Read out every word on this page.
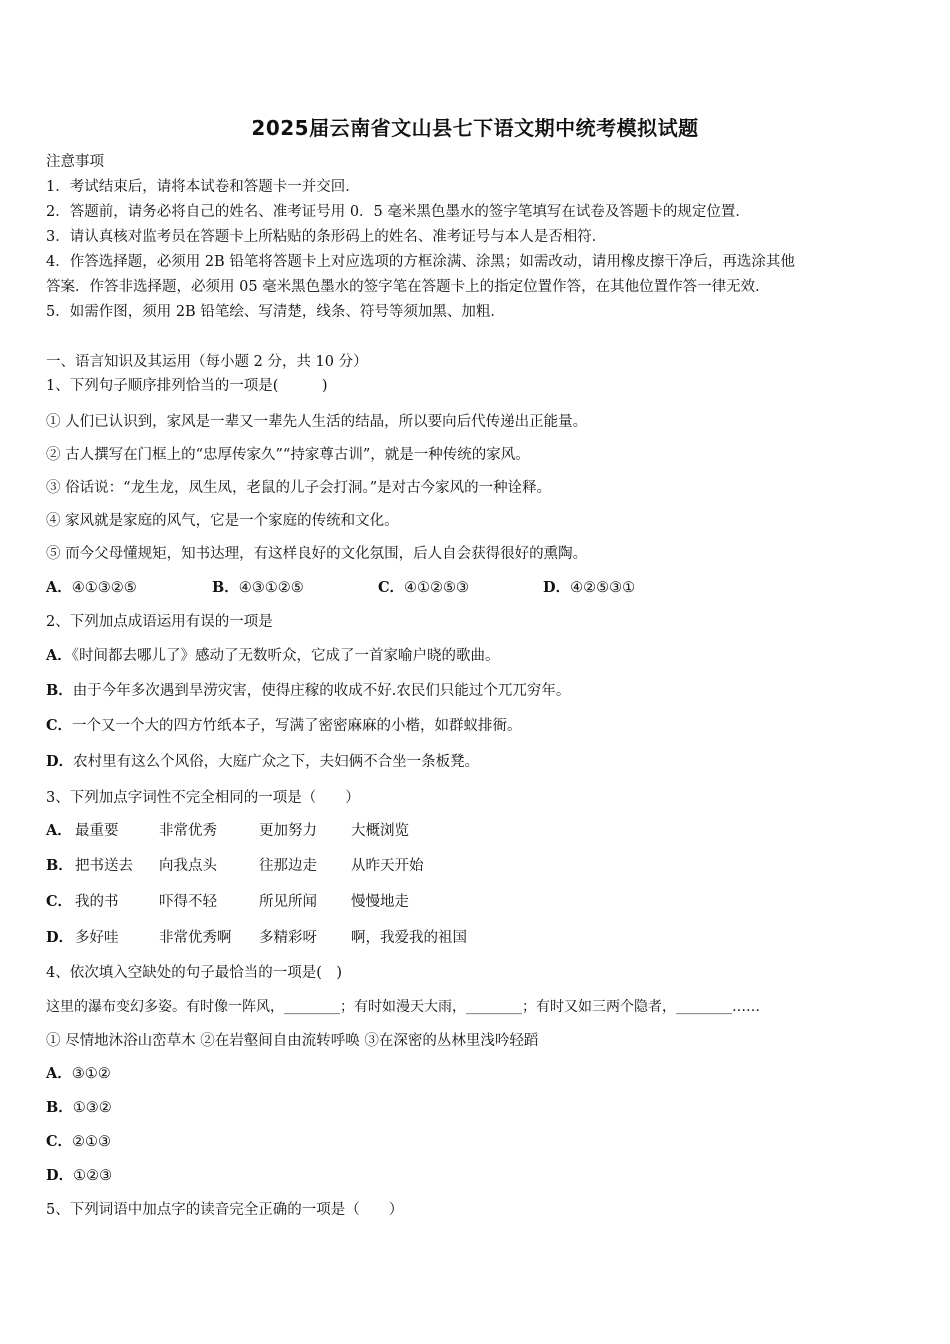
2025届云南省文山县七下语文期中统考模拟试题
注意事项
1．考试结束后，请将本试卷和答题卡一并交回．
2．答题前，请务必将自己的姓名、准考证号用 0．5 毫米黑色墨水的签字笔填写在试卷及答题卡的规定位置．
3．请认真核对监考员在答题卡上所粘贴的条形码上的姓名、准考证号与本人是否相符．
4．作答选择题，必须用 2B 铅笔将答题卡上对应选项的方框涂满、涂黑；如需改动，请用橡皮擦干净后，再选涂其他
答案．作答非选择题，必须用 05 毫米黑色墨水的签字笔在答题卡上的指定位置作答，在其他位置作答一律无效．
5．如需作图，须用 2B 铅笔绘、写清楚，线条、符号等须加黑、加粗．
一、语言知识及其运用（每小题 2 分，共 10 分）
1、下列句子顺序排列恰当的一项是(　　　)
① 人们已认识到，家风是一辈又一辈先人生活的结晶，所以要向后代传递出正能量。
② 古人撰写在门框上的“忠厚传家久”“持家尊古训”，就是一种传统的家风。
③ 俗话说：“龙生龙，凤生凤，老鼠的儿子会打洞。”是对古今家风的一种诠释。
④ 家风就是家庭的风气，它是一个家庭的传统和文化。
⑤ 而今父母懂规矩，知书达理，有这样良好的文化氛围，后人自会获得很好的熏陶。
A．④①③②⑤	B．④③①②⑤	C．④①②⑤③	D．④②⑤③①
2、下列加点成语运用有误的一项是
A．《时间都去哪儿了》感动了无数听众，它成了一首家喻户晓的歌曲。
B．由于今年多次遇到旱涝灾害，使得庄稼的收成不好.农民们只能过个兀兀穷年。
C．一个又一个大的四方竹纸本子，写满了密密麻麻的小楷，如群蚁排衙。
D．农村里有这么个风俗，大庭广众之下，夫妇俩不合坐一条板凳。
3、下列加点字词性不完全相同的一项是（　　）
A． 最重要	非常优秀	更加努力 大概浏览
B． 把书送去 向我点头	往那边走 从昨天开始
C． 我的书	吓得不轻	所见所闻 慢慢地走
D． 多好哇	非常优秀啊 多精彩呀 啊，我爱我的祖国
4、依次填入空缺处的句子最恰当的一项是(　)
这里的瀑布变幻多姿。有时像一阵风，________；有时如漫天大雨，________；有时又如三两个隐者，________……
① 尽情地沐浴山峦草木 ②在岩壑间自由流转呼唤 ③在深密的丛林里浅吟轻蹈
A．③①②
B．①③②
C．②①③
D．①②③
5、下列词语中加点字的读音完全正确的一项是（　　）
